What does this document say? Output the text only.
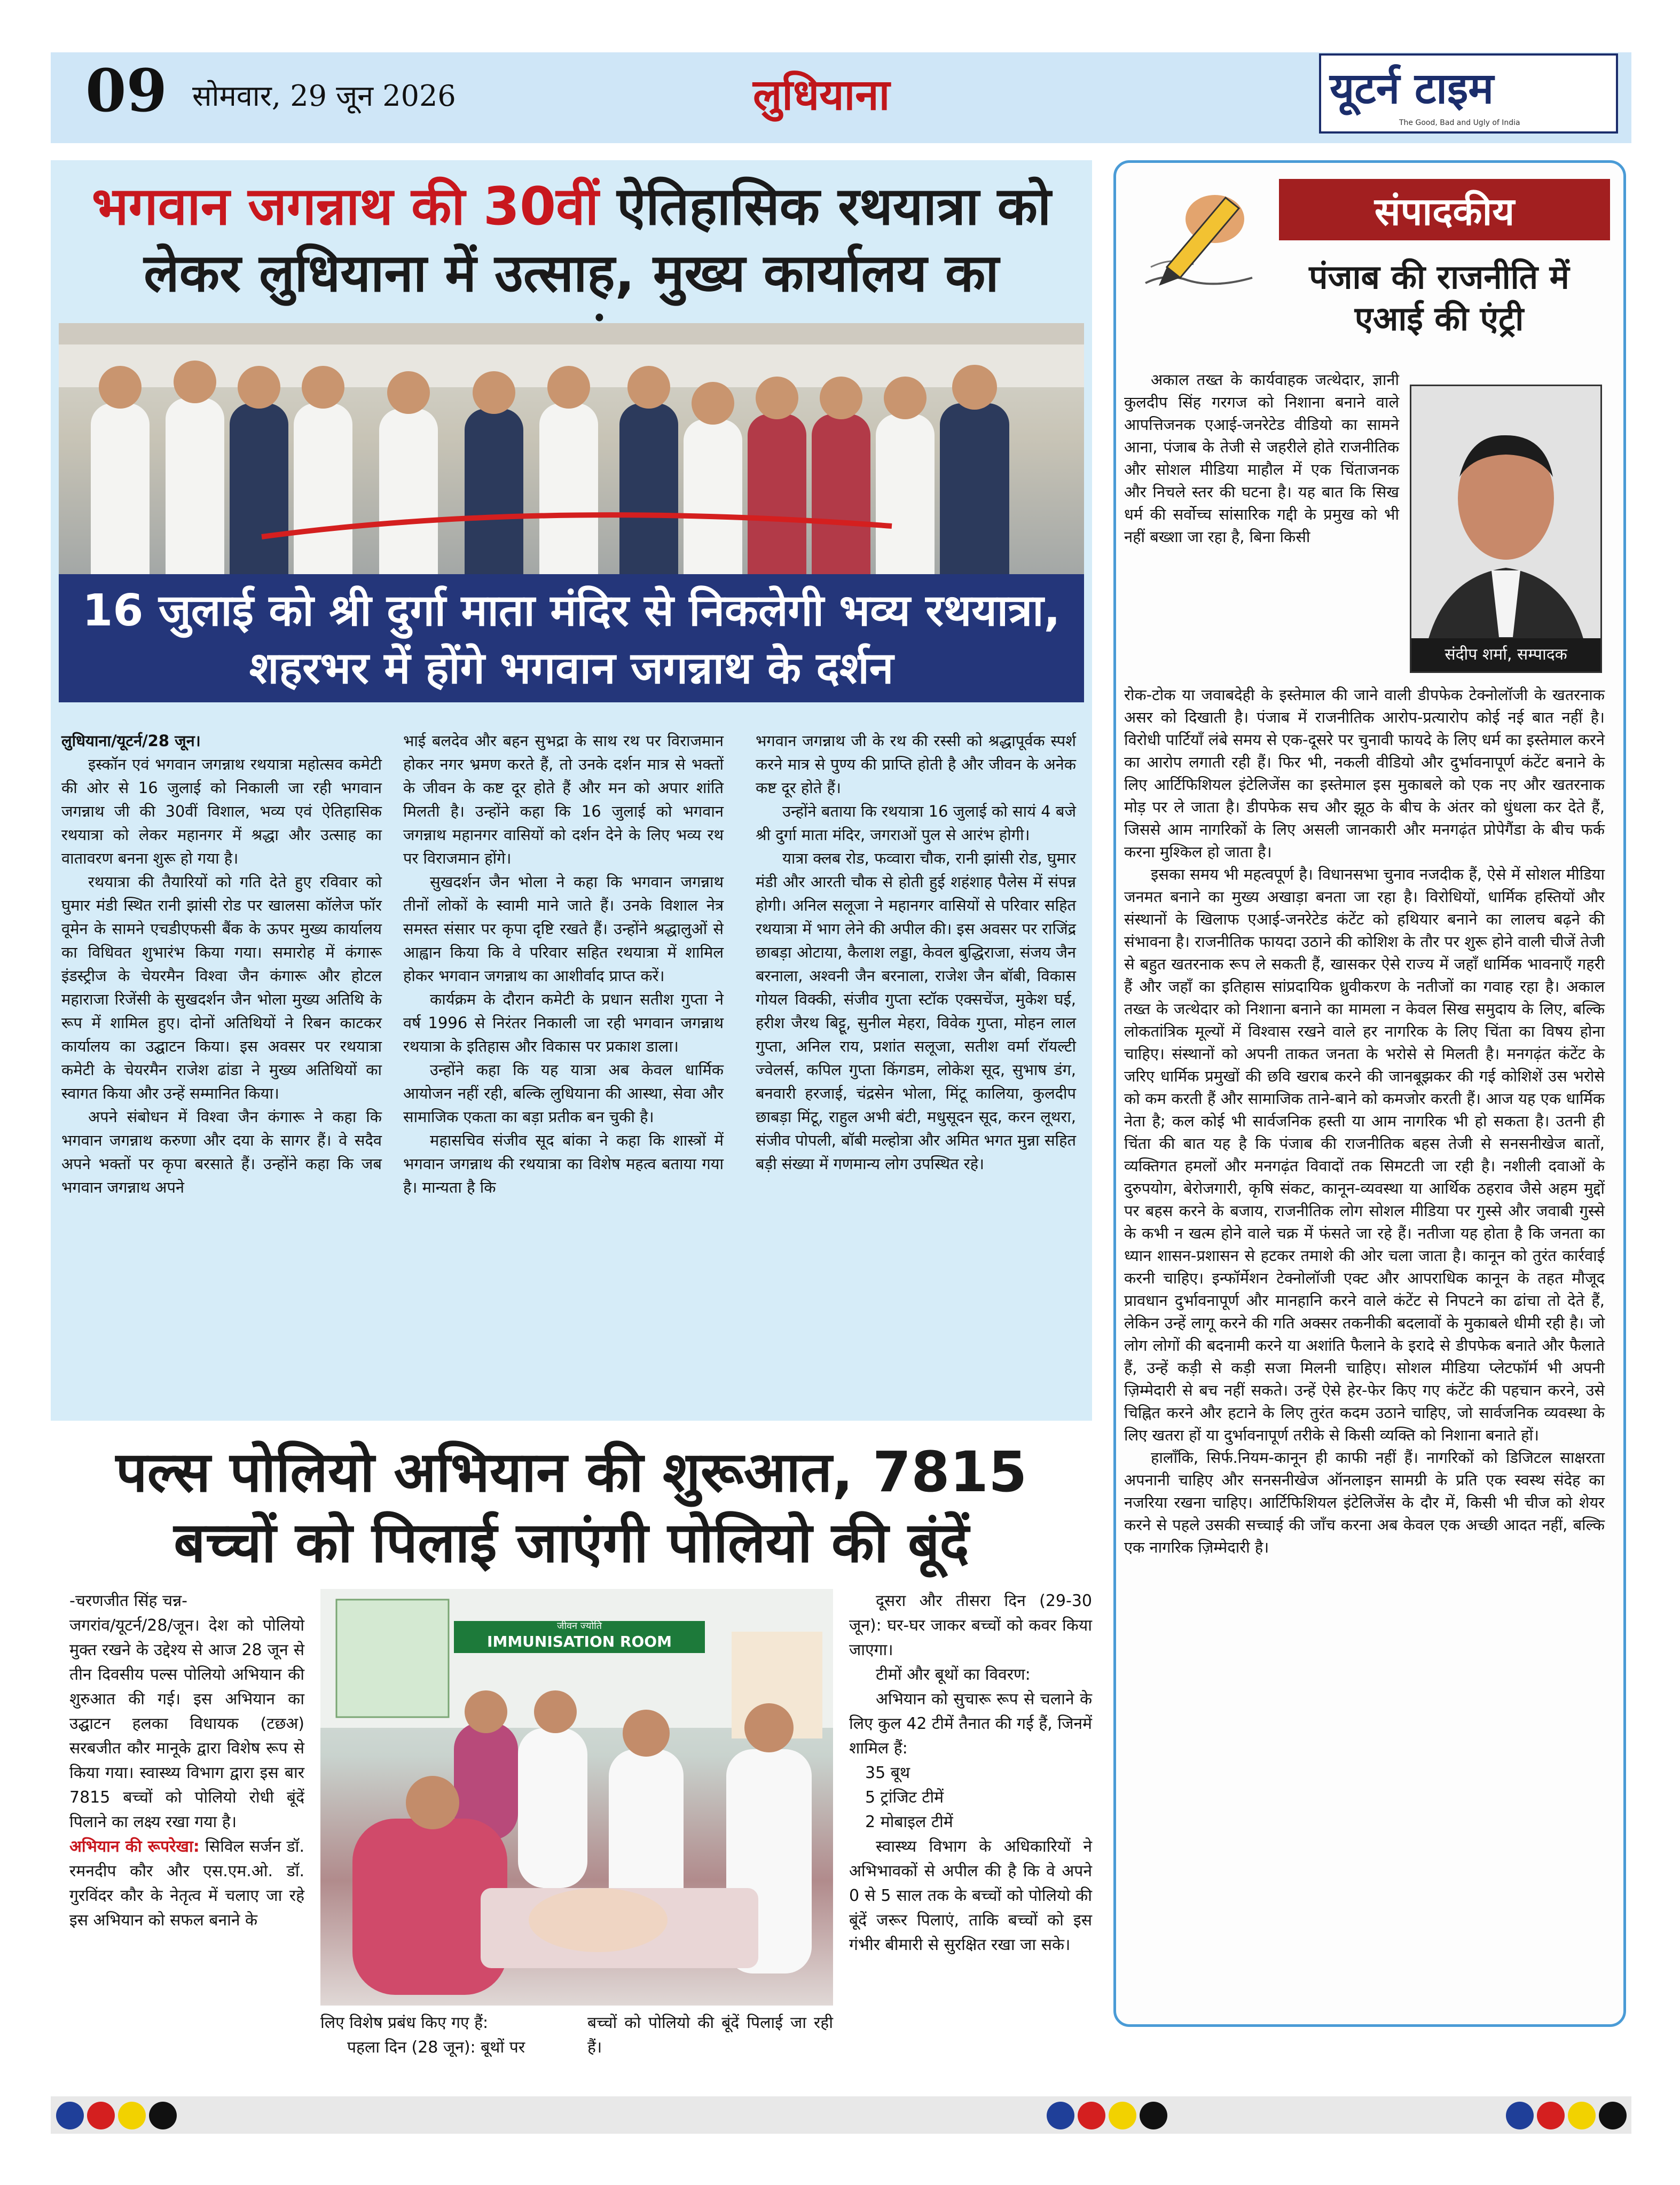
09 सोमवार, 29 जून 2026	लुधियाना	यूटर्न टाइम
The Good, Bad and Ugly of India
भगवान जगन्नाथ की 30वीं ऐतिहासिक रथयात्रा को
लेकर लुधियाना में उत्साह, मुख्य कार्यालय का
16 जुलाई को श्री दुर्गा माता मंदिर से निकलेगी भव्य रथयात्रा,
शहरभर में होंगे भगवान जगन्नाथ के दर्शन

लुधियाना/यूटर्न/28 जून।

इस्कॉन एवं भगवान जगन्नाथ रथयात्रा महोत्सव कमेटी की ओर से 16 जुलाई को निकाली जा रही भगवान जगन्नाथ जी की 30वीं विशाल, भव्य एवं ऐतिहासिक रथयात्रा को लेकर महानगर में श्रद्धा और उत्साह का वातावरण बनना शुरू हो गया है।

रथयात्रा की तैयारियों को गति देते हुए रविवार को घुमार मंडी स्थित रानी झांसी रोड पर खालसा कॉलेज फॉर वूमेन के सामने एचडीएफसी बैंक के ऊपर मुख्य कार्यालय का विधिवत शुभारंभ किया गया। समारोह में कंगारू इंडस्ट्रीज के चेयरमैन विश्वा जैन कंगारू और होटल महाराजा रिजेंसी के सुखदर्शन जैन भोला मुख्य अतिथि के रूप में शामिल हुए। दोनों अतिथियों ने रिबन काटकर कार्यालय का उद्घाटन किया। इस अवसर पर रथयात्रा कमेटी के चेयरमैन राजेश ढांडा ने मुख्य अतिथियों का स्वागत किया और उन्हें सम्मानित किया।

अपने संबोधन में विश्वा जैन कंगारू ने कहा कि भगवान जगन्नाथ करुणा और दया के सागर हैं। वे सदैव अपने भक्तों पर कृपा बरसाते हैं। उन्होंने कहा कि जब भगवान जगन्नाथ अपने

भाई बलदेव और बहन सुभद्रा के साथ रथ पर विराजमान होकर नगर भ्रमण करते हैं, तो उनके दर्शन मात्र से भक्तों के जीवन के कष्ट दूर होते हैं और मन को अपार शांति मिलती है। उन्होंने कहा कि 16 जुलाई को भगवान जगन्नाथ महानगर वासियों को दर्शन देने के लिए भव्य रथ पर विराजमान होंगे।

सुखदर्शन जैन भोला ने कहा कि भगवान जगन्नाथ तीनों लोकों के स्वामी माने जाते हैं। उनके विशाल नेत्र समस्त संसार पर कृपा दृष्टि रखते हैं। उन्होंने श्रद्धालुओं से आह्वान किया कि वे परिवार सहित रथयात्रा में शामिल होकर भगवान जगन्नाथ का आशीर्वाद प्राप्त करें।

कार्यक्रम के दौरान कमेटी के प्रधान सतीश गुप्ता ने वर्ष 1996 से निरंतर निकाली जा रही भगवान जगन्नाथ रथयात्रा के इतिहास और विकास पर प्रकाश डाला।

उन्होंने कहा कि यह यात्रा अब केवल धार्मिक आयोजन नहीं रही, बल्कि लुधियाना की आस्था, सेवा और सामाजिक एकता का बड़ा प्रतीक बन चुकी है।

महासचिव संजीव सूद बांका ने कहा कि शास्त्रों में भगवान जगन्नाथ की रथयात्रा का विशेष महत्व बताया गया है। मान्यता है कि

भगवान जगन्नाथ जी के रथ की रस्सी को श्रद्धापूर्वक स्पर्श करने मात्र से पुण्य की प्राप्ति होती है और जीवन के अनेक कष्ट दूर होते हैं।

उन्होंने बताया कि रथयात्रा 16 जुलाई को सायं 4 बजे श्री दुर्गा माता मंदिर, जगराओं पुल से आरंभ होगी।

यात्रा क्लब रोड, फव्वारा चौक, रानी झांसी रोड, घुमार मंडी और आरती चौक से होती हुई शहंशाह पैलेस में संपन्न होगी। अनिल सलूजा ने महानगर वासियों से परिवार सहित रथयात्रा में भाग लेने की अपील की। इस अवसर पर राजिंद्र छाबड़ा ओटाया, कैलाश लड्डा, केवल बुद्धिराजा, संजय जैन बरनाला, अश्वनी जैन बरनाला, राजेश जैन बॉबी, विकास गोयल विक्की, संजीव गुप्ता स्टॉक एक्सचेंज, मुकेश घई, हरीश जैरथ बिट्टू, सुनील मेहरा, विवेक गुप्ता, मोहन लाल गुप्ता, अनिल राय, प्रशांत सलूजा, सतीश वर्मा रॉयल्टी ज्वेलर्स, कपिल गुप्ता किंगडम, लोकेश सूद, सुभाष डंग, बनवारी हरजाई, चंद्रसेन भोला, मिंटू कालिया, कुलदीप छाबड़ा मिंटू, राहुल अभी बंटी, मधुसूदन सूद, करन लूथरा, संजीव पोपली, बॉबी मल्होत्रा और अमित भगत मुन्ना सहित बड़ी संख्या में गणमान्य लोग उपस्थित रहे।

पल्स पोलियो अभियान की शुरूआत, 7815
बच्चों को पिलाई जाएंगी पोलियो की बूंदें

-चरणजीत सिंह चन्न-

जगरांव/यूटर्न/28/जून। देश को पोलियो मुक्त रखने के उद्देश्य से आज 28 जून से तीन दिवसीय पल्स पोलियो अभियान की शुरुआत की गई। इस अभियान का उद्घाटन हलका विधायक (टछअ) सरबजीत कौर मानूके द्वारा विशेष रूप से किया गया। स्वास्थ्य विभाग द्वारा इस बार 7815 बच्चों को पोलियो रोधी बूंदें पिलाने का लक्ष्य रखा गया है।

अभियान की रूपरेखा: सिविल सर्जन डॉ. रमनदीप कौर और एस.एम.ओ. डॉ. गुरविंदर कौर के नेतृत्व में चलाए जा रहे इस अभियान को सफल बनाने के

जीवन ज्योति
IMMUNISATION ROOM

लिए विशेष प्रबंध किए गए हैं:

पहला दिन (28 जून): बूथों पर

बच्चों को पोलियो की बूंदें पिलाई जा रही हैं।

दूसरा और तीसरा दिन (29-30 जून): घर-घर जाकर बच्चों को कवर किया जाएगा।

टीमों और बूथों का विवरण:

अभियान को सुचारू रूप से चलाने के लिए कुल 42 टीमें तैनात की गई हैं, जिनमें शामिल हैं:

35 बूथ

5 ट्रांजिट टीमें

2 मोबाइल टीमें

स्वास्थ्य विभाग के अधिकारियों ने अभिभावकों से अपील की है कि वे अपने 0 से 5 साल तक के बच्चों को पोलियो की बूंदें जरूर पिलाएं, ताकि बच्चों को इस गंभीर बीमारी से सुरक्षित रखा जा सके।

संपादकीय
पंजाब की राजनीति में
एआई की एंट्री
संदीप शर्मा, सम्पादक

अकाल तख्त के कार्यवाहक जत्थेदार, ज्ञानी कुलदीप सिंह गरगज को निशाना बनाने वाले आपत्तिजनक एआई-जनरेटेड वीडियो का सामने आना, पंजाब के तेजी से जहरीले होते राजनीतिक और सोशल मीडिया माहौल में एक चिंताजनक और निचले स्तर की घटना है। यह बात कि सिख धर्म की सर्वोच्च सांसारिक गद्दी के प्रमुख को भी नहीं बख्शा जा रहा है, बिना किसी

रोक-टोक या जवाबदेही के इस्तेमाल की जाने वाली डीपफेक टेक्नोलॉजी के खतरनाक असर को दिखाती है। पंजाब में राजनीतिक आरोप-प्रत्यारोप कोई नई बात नहीं है। विरोधी पार्टियाँ लंबे समय से एक-दूसरे पर चुनावी फायदे के लिए धर्म का इस्तेमाल करने का आरोप लगाती रही हैं। फिर भी, नकली वीडियो और दुर्भावनापूर्ण कंटेंट बनाने के लिए आर्टिफिशियल इंटेलिजेंस का इस्तेमाल इस मुकाबले को एक नए और खतरनाक मोड़ पर ले जाता है। डीपफेक सच और झूठ के बीच के अंतर को धुंधला कर देते हैं, जिससे आम नागरिकों के लिए असली जानकारी और मनगढ़ंत प्रोपेगैंडा के बीच फर्क करना मुश्किल हो जाता है।

इसका समय भी महत्वपूर्ण है। विधानसभा चुनाव नजदीक हैं, ऐसे में सोशल मीडिया जनमत बनाने का मुख्य अखाड़ा बनता जा रहा है। विरोधियों, धार्मिक हस्तियों और संस्थानों के खिलाफ एआई-जनरेटेड कंटेंट को हथियार बनाने का लालच बढ़ने की संभावना है। राजनीतिक फायदा उठाने की कोशिश के तौर पर शुरू होने वाली चीजें तेजी से बहुत खतरनाक रूप ले सकती हैं, खासकर ऐसे राज्य में जहाँ धार्मिक भावनाएँ गहरी हैं और जहाँ का इतिहास सांप्रदायिक ध्रुवीकरण के नतीजों का गवाह रहा है। अकाल तख्त के जत्थेदार को निशाना बनाने का मामला न केवल सिख समुदाय के लिए, बल्कि लोकतांत्रिक मूल्यों में विश्वास रखने वाले हर नागरिक के लिए चिंता का विषय होना चाहिए। संस्थानों को अपनी ताकत जनता के भरोसे से मिलती है। मनगढ़ंत कंटेंट के जरिए धार्मिक प्रमुखों की छवि खराब करने की जानबूझकर की गई कोशिशें उस भरोसे को कम करती हैं और सामाजिक ताने-बाने को कमजोर करती हैं। आज यह एक धार्मिक नेता है; कल कोई भी सार्वजनिक हस्ती या आम नागरिक भी हो सकता है। उतनी ही चिंता की बात यह है कि पंजाब की राजनीतिक बहस तेजी से सनसनीखेज बातों, व्यक्तिगत हमलों और मनगढ़ंत विवादों तक सिमटती जा रही है। नशीली दवाओं के दुरुपयोग, बेरोजगारी, कृषि संकट, कानून-व्यवस्था या आर्थिक ठहराव जैसे अहम मुद्दों पर बहस करने के बजाय, राजनीतिक लोग सोशल मीडिया पर गुस्से और जवाबी गुस्से के कभी न खत्म होने वाले चक्र में फंसते जा रहे हैं। नतीजा यह होता है कि जनता का ध्यान शासन-प्रशासन से हटकर तमाशे की ओर चला जाता है। कानून को तुरंत कार्रवाई करनी चाहिए। इन्फॉर्मेशन टेक्नोलॉजी एक्ट और आपराधिक कानून के तहत मौजूद प्रावधान दुर्भावनापूर्ण और मानहानि करने वाले कंटेंट से निपटने का ढांचा तो देते हैं, लेकिन उन्हें लागू करने की गति अक्सर तकनीकी बदलावों के मुकाबले धीमी रही है। जो लोग लोगों की बदनामी करने या अशांति फैलाने के इरादे से डीपफेक बनाते और फैलाते हैं, उन्हें कड़ी से कड़ी सजा मिलनी चाहिए। सोशल मीडिया प्लेटफॉर्म भी अपनी ज़िम्मेदारी से बच नहीं सकते। उन्हें ऐसे हेर-फेर किए गए कंटेंट की पहचान करने, उसे चिह्नित करने और हटाने के लिए तुरंत कदम उठाने चाहिए, जो सार्वजनिक व्यवस्था के लिए खतरा हों या दुर्भावनापूर्ण तरीके से किसी व्यक्ति को निशाना बनाते हों।

हालाँकि, सिर्फ.नियम-कानून ही काफी नहीं हैं। नागरिकों को डिजिटल साक्षरता अपनानी चाहिए और सनसनीखेज ऑनलाइन सामग्री के प्रति एक स्वस्थ संदेह का नजरिया रखना चाहिए। आर्टिफिशियल इंटेलिजेंस के दौर में, किसी भी चीज को शेयर करने से पहले उसकी सच्चाई की जाँच करना अब केवल एक अच्छी आदत नहीं, बल्कि एक नागरिक ज़िम्मेदारी है।
